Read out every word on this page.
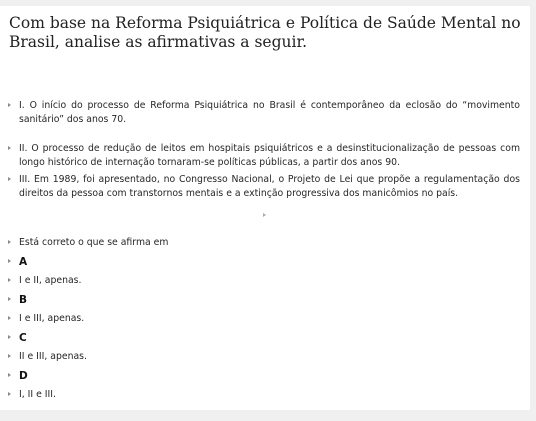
Com base na Reforma Psiquiátrica e Política de Saúde Mental no Brasil, analise as afirmativas a seguir.
I. O início do processo de Reforma Psiquiátrica no Brasil é contemporâneo da eclosão do “movimento sanitário” dos anos 70.
II. O processo de redução de leitos em hospitais psiquiátricos e a desinstitucionalização de pessoas com longo histórico de internação tornaram-se políticas públicas, a partir dos anos 90.
III. Em 1989, foi apresentado, no Congresso Nacional, o Projeto de Lei que propõe a regulamentação dos direitos da pessoa com transtornos mentais e a extinção progressiva dos manicômios no país.
Está correto o que se afirma em
A
I e II, apenas.
B
I e III, apenas.
C
II e III, apenas.
D
I, II e III.
